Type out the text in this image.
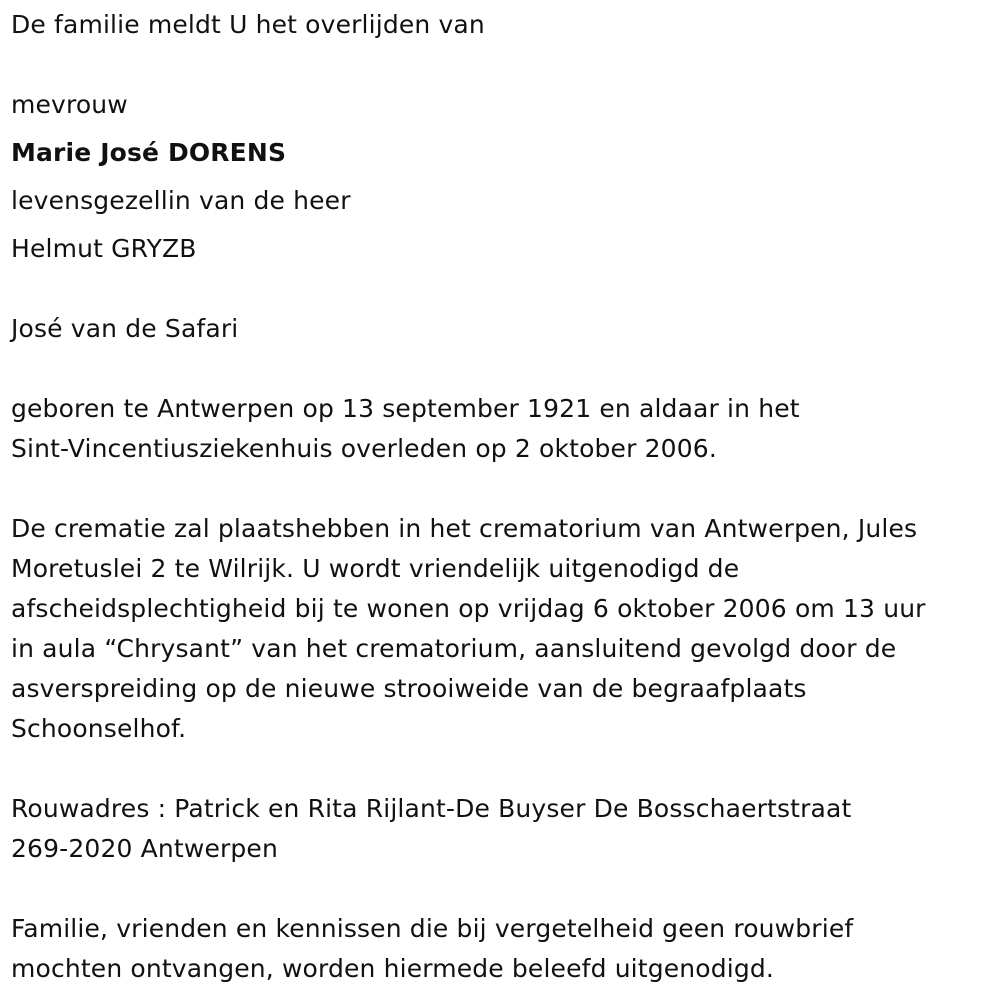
De familie meldt U het overlijden van
mevrouw
Marie José DORENS
levensgezellin van de heer
Helmut GRYZB
José van de Safari
geboren te Antwerpen op 13 september 1921 en aldaar in het
Sint-Vincentiusziekenhuis overleden op 2 oktober 2006.
De crematie zal plaatshebben in het crematorium van Antwerpen, Jules
Moretuslei 2 te Wilrijk. U wordt vriendelijk uitgenodigd de
afscheidsplechtigheid bij te wonen op vrijdag 6 oktober 2006 om 13 uur
in aula “Chrysant” van het crematorium, aansluitend gevolgd door de
asverspreiding op de nieuwe strooiweide van de begraafplaats
Schoonselhof.
Rouwadres : Patrick en Rita Rijlant-De Buyser De Bosschaertstraat
269-2020 Antwerpen
Familie, vrienden en kennissen die bij vergetelheid geen rouwbrief
mochten ontvangen, worden hiermede beleefd uitgenodigd.
